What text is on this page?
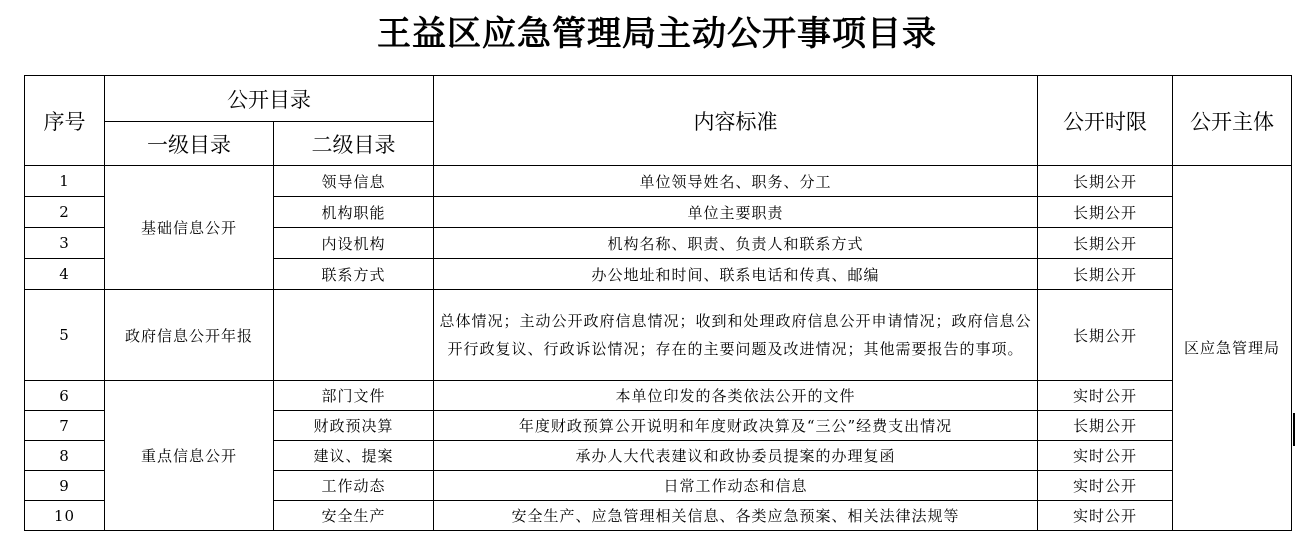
王益区应急管理局主动公开事项目录
序号	公开目录		内容标准	公开时限	公开主体
	一级目录	二级目录			
1	基础信息公开	领导信息	单位领导姓名、职务、分工	长期公开	区应急管理局
2		机构职能	单位主要职责	长期公开	
3		内设机构	机构名称、职责、负责人和联系方式	长期公开	
4		联系方式	办公地址和时间、联系电话和传真、邮编	长期公开	
5	政府信息公开年报		总体情况；主动公开政府信息情况；收到和处理政府信息公开申请情况；政府信息公开行政复议、行政诉讼情况；存在的主要问题及改进情况；其他需要报告的事项。	长期公开	
6	重点信息公开	部门文件	本单位印发的各类依法公开的文件	实时公开	
7		财政预决算	年度财政预算公开说明和年度财政决算及“三公”经费支出情况	长期公开	
8		建议、提案	承办人大代表建议和政协委员提案的办理复函	实时公开	
9		工作动态	日常工作动态和信息	实时公开	
10		安全生产	安全生产、应急管理相关信息、各类应急预案、相关法律法规等	实时公开	
